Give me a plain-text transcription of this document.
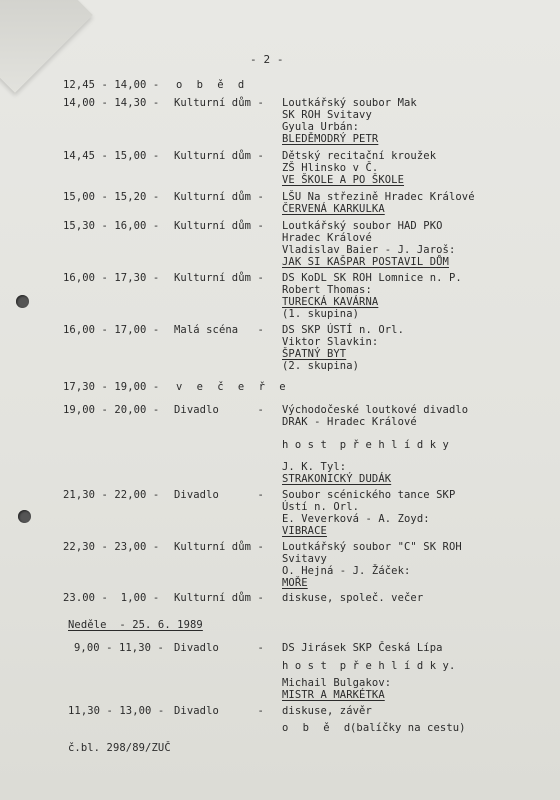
- 2 -
12,45 - 14,00 - o b ě d
14,00 - 14,30 - Kulturní dům - Loutkářský soubor Mak
SK ROH Svitavy
Gyula Urbán:
BLEDĚMODRÝ PETR
14,45 - 15,00 - Kulturní dům - Dětský recitační kroužek
ZŠ Hlinsko v Č.
VE ŠKOLE A PO ŠKOLE
15,00 - 15,20 - Kulturní dům - LŠU Na střezině Hradec Králové
ČERVENÁ KARKULKA
15,30 - 16,00 - Kulturní dům - Loutkářský soubor HAD PKO
Hradec Králové
Vladislav Baier - J. Jaroš:
JAK SI KAŠPAR POSTAVIL DŮM
16,00 - 17,30 - Kulturní dům - DS KoDL SK ROH Lomnice n. P.
Robert Thomas:
TURECKÁ KAVÁRNA
(1. skupina)
16,00 - 17,00 - Malá scéna   - DS SKP ÚSTÍ n. Orl.
Viktor Slavkin:
ŠPATNÝ BYT
(2. skupina)
17,30 - 19,00 - v e č e ř e
19,00 - 20,00 - Divadlo      - Východočeské loutkové divadlo
DRAK - Hradec Králové
h o s t  p ř e h l í d k y
J. K. Tyl:
STRAKONICKÝ DUDÁK
21,30 - 22,00 - Divadlo      - Soubor scénického tance SKP
Ústí n. Orl.
E. Veverková - A. Zoyd:
VIBRACE
22,30 - 23,00 - Kulturní dům - Loutkářský soubor "C" SK ROH
Svitavy
O. Hejná - J. Žáček:
MOŘE
23.00 -  1,00 - Kulturní dům - diskuse, společ. večer
Neděle  - 25. 6. 1989
9,00 - 11,30 - Divadlo      - DS Jirásek SKP Česká Lípa
h o s t  p ř e h l í d k y.
Michail Bulgakov:
MISTR A MARKÉTKA
11,30 - 13,00 - Divadlo      - diskuse, závěr
o b ě d
(balíčky na cestu)
č.bl. 298/89/ZUČ
